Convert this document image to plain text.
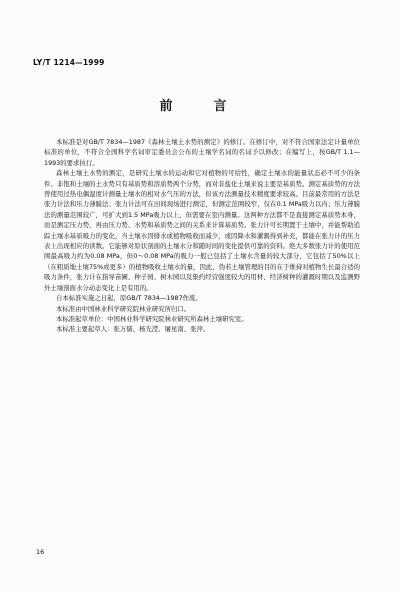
LY/T 1214—1999
前　言

本标准是对GB/T 7834—1987《森林土壤土水势的测定》的修订。在修订中，对不符合国家法定计量单位标准的单位，不符合全国科学名词审定委员会公布的土壤学名词的名词予以修改；在编写上，按GB/T 1.1—1993的要求执行。

森林土壤土水势的测定，是研究土壤水的运动和它对植物的可给性，确定土壤水的能量状态必不可少的条件。非饱和土壤的土水势只有基质势和溶质势两个分势，而对非盐化土壤来说主要是基质势。测定基质势的方法曾使用过热电偶湿度计测量土壤水的相对水气压的方法，但该方法测量技术精度要求较高。目前最常用的方法是张力计法和压力薄膜法；张力计法可在田间现场进行测定，但测定范围较窄，仅在0.1 MPa吸力以内；压力薄膜法的测量范围较广，可扩大到1.5 MPa吸力以上，但需要在室内测量。这两种方法都不是直接测定基质势本身，而是测定压力势，再由压力势、水势和基质势之间的关系来计算基质势。张力计可长期置于土壤中，并能帮助追踪土壤水基质吸力的变化，当土壤水因排水或植物吸收而减少，或因降水和灌溉得到补充，都能在张力计的压力表上出现相应的读数。它能够对原状剖面的土壤水分和随时间的变化提供可靠的资料。绝大多数张力计的使用范围最高吸力约为0.08 MPa，但0～0.08 MPa的吸力一般已包括了土壤水含量的较大部分，它包括了50%以上（在粗质地土壤75%或更多）的植物吸收土壤水的量，因此，伪若土壤管理的目的在于维持对植物生长最合适的吸力条件，张力计在指导苗圃、种子园、树木园以及集约经营强度较大的用材、经济树种的灌溉时期以及监测野外土壤剖面水分动态变化上是有用的。

自本标准实施之日起，原GB/T 7834—1987作废。

本标准由中国林业科学研究院林业研究所归口。

本标准起草单位：中国林业科学研究院林业研究所森林土壤研究室。

本标准主要起草人：张万儒、杨光滢、屠星南、张萍。

16
